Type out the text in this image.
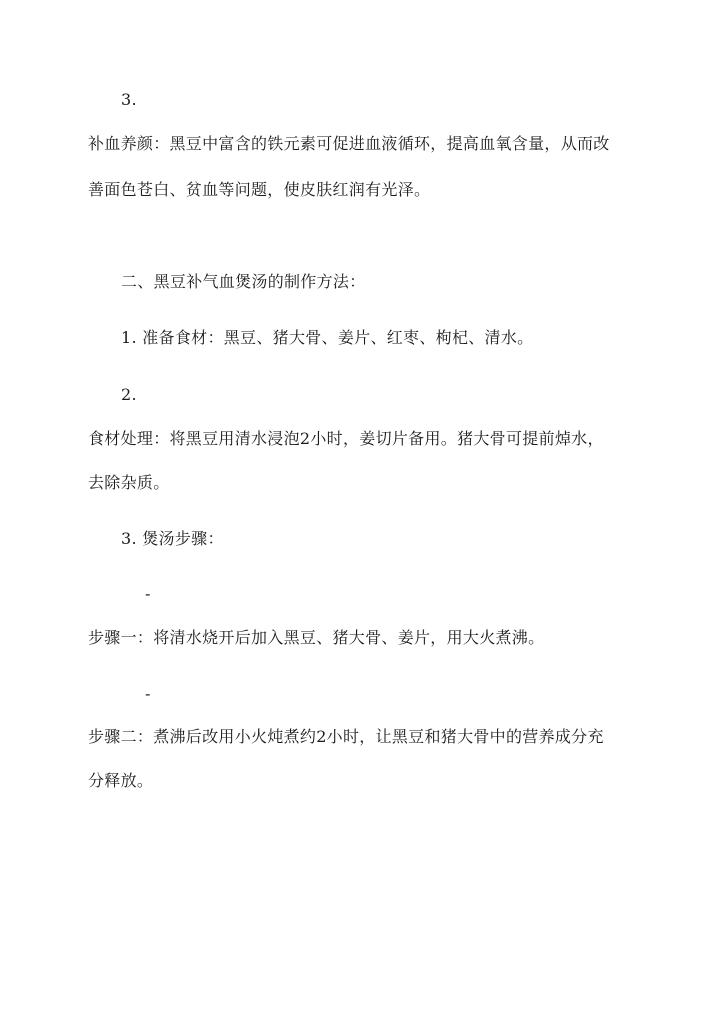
3.
补血养颜：黑豆中富含的铁元素可促进血液循环，提高血氧含量，从而改
善面色苍白、贫血等问题，使皮肤红润有光泽。
二、黑豆补气血煲汤的制作方法：
1. 准备食材：黑豆、猪大骨、姜片、红枣、枸杞、清水。
2.
食材处理：将黑豆用清水浸泡2小时，姜切片备用。猪大骨可提前焯水，
去除杂质。
3. 煲汤步骤：
-
步骤一：将清水烧开后加入黑豆、猪大骨、姜片，用大火煮沸。
-
步骤二：煮沸后改用小火炖煮约2小时，让黑豆和猪大骨中的营养成分充
分释放。
